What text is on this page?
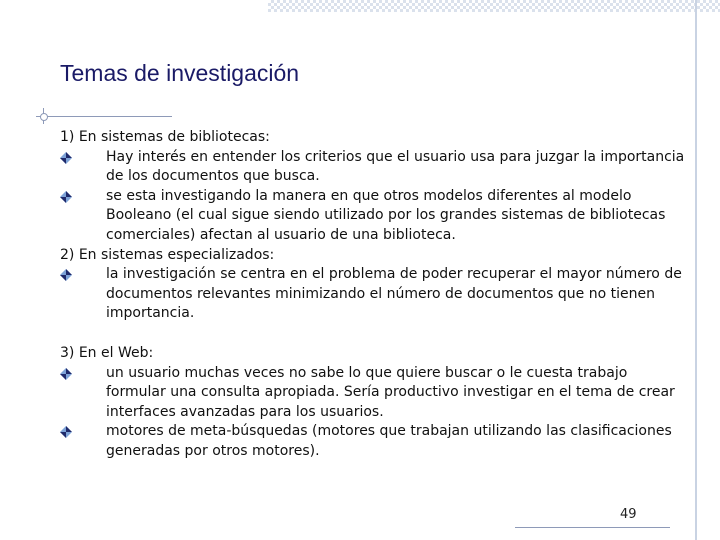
Temas de investigación

1) En sistemas de bibliotecas:

Hay interés en entender los criterios que el usuario usa para juzgar la importancia de los documentos que busca.

se esta investigando la manera en que otros modelos diferentes al modelo Booleano (el cual sigue siendo utilizado por los grandes sistemas de bibliotecas comerciales) afectan al usuario de una biblioteca.

2) En sistemas especializados:

la investigación se centra en el problema de poder recuperar el mayor número de documentos relevantes minimizando el número de documentos que no tienen importancia.

3) En el Web:

un usuario muchas veces no sabe lo que quiere buscar o le cuesta trabajo formular una consulta apropiada. Sería productivo investigar en el tema de crear interfaces avanzadas para los usuarios.

motores de meta-búsquedas (motores que trabajan utilizando las clasificaciones generadas por otros motores).

49
